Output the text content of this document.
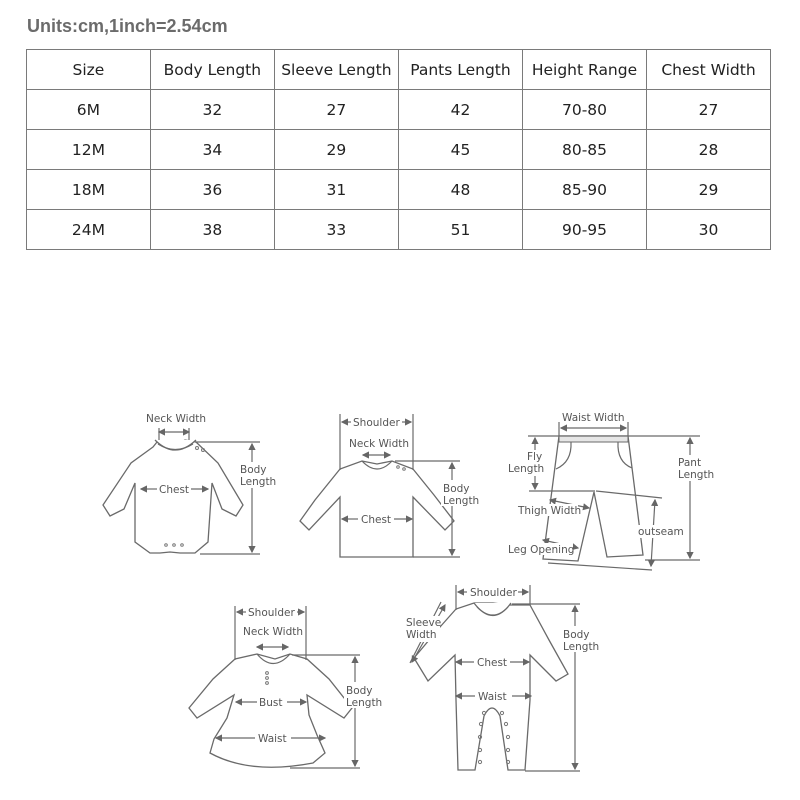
Units:cm,1inch=2.54cm
Size	Body Length	Sleeve Length	Pants Length	Height Range	Chest Width
6M	32	27	42	70-80	27
12M	34	29	45	80-85	28
18M	36	31	48	85-90	29
24M	38	33	51	90-95	30
Neck Width
Chest
Body
Length
Shoulder
Neck Width
Chest
Body
Length
Waist Width
Fly
Length	Pant
Length
outseam
Thigh Width
Leg Opening
Shoulder
Neck Width
Bust
Waist
Body
Length
Shoulder
Sleeve
Width
Chest
Waist
Body
Length
